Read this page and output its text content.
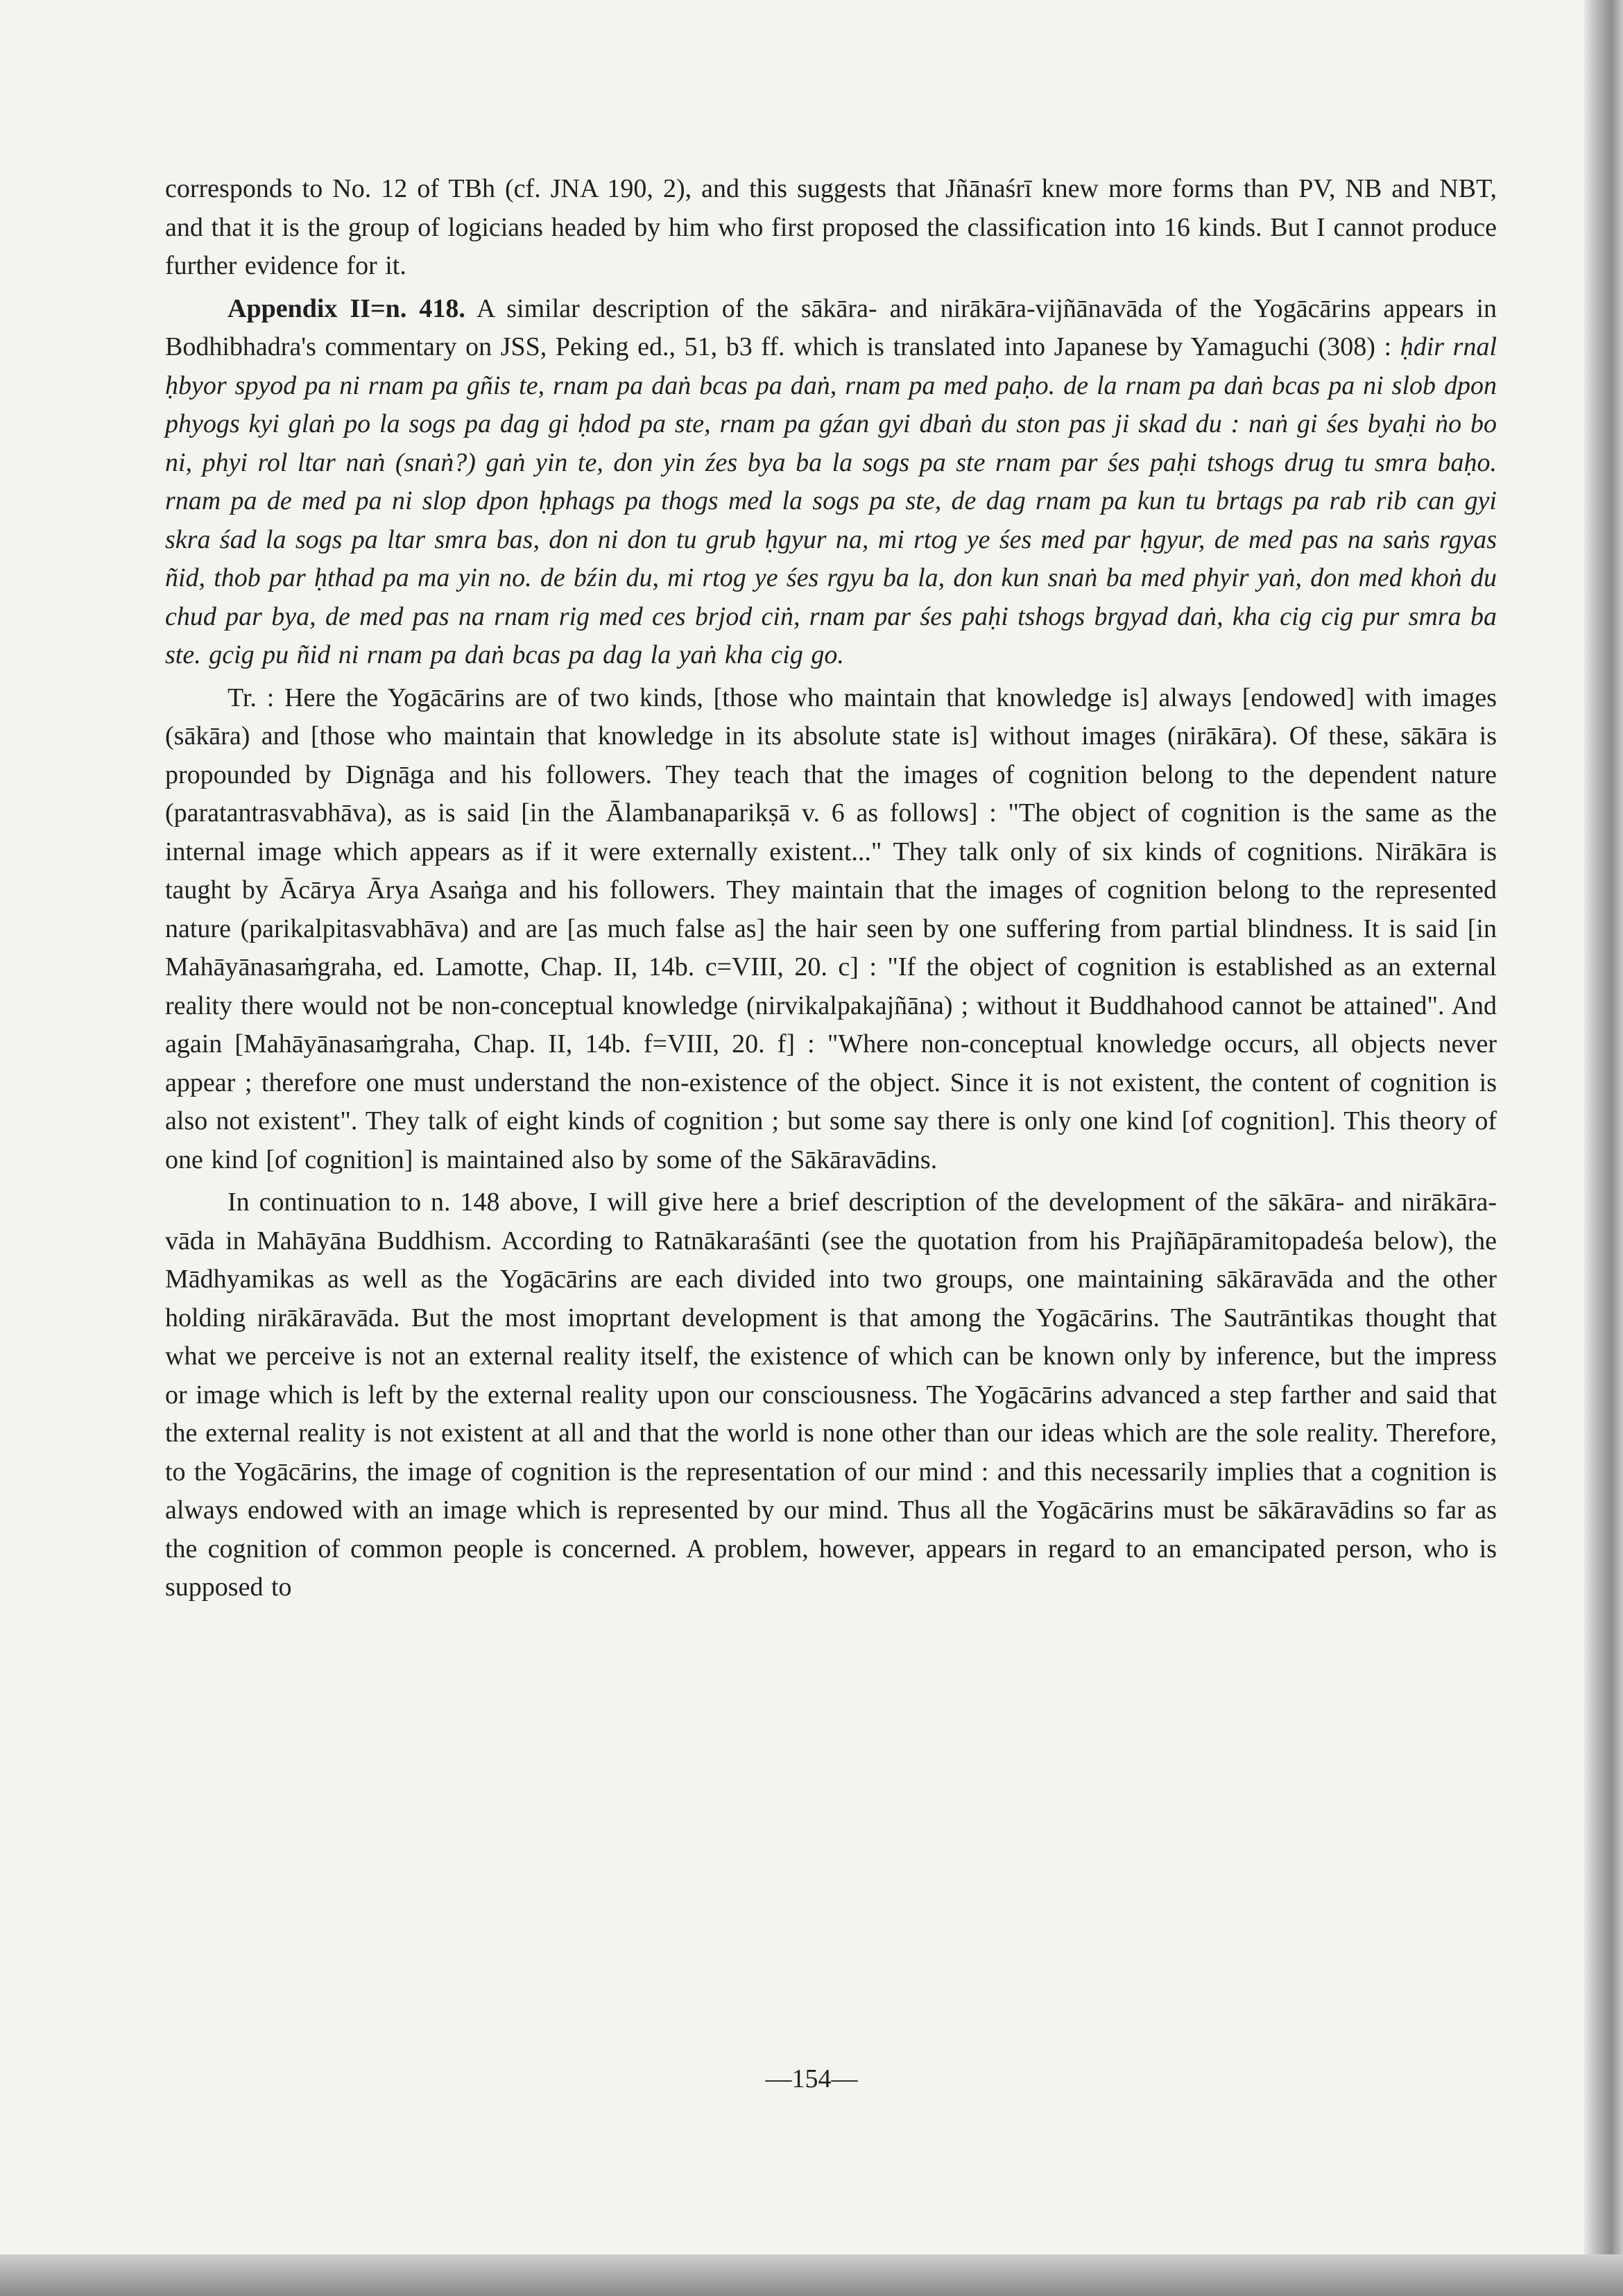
corresponds to No. 12 of TBh (cf. JNA 190, 2), and this suggests that Jñānaśrī knew more forms than PV, NB and NBT, and that it is the group of logicians headed by him who first proposed the classification into 16 kinds. But I cannot produce further evidence for it.

Appendix II=n. 418. A similar description of the sākāra- and nirākāra-vijñānavāda of the Yogācārins appears in Bodhibhadra's commentary on JSS, Peking ed., 51, b3 ff. which is translated into Japanese by Yamaguchi (308) : ḥdir rnal ḥbyor spyod pa ni rnam pa gñis te, rnam pa daṅ bcas pa daṅ, rnam pa med paḥo. de la rnam pa daṅ bcas pa ni slob dpon phyogs kyi glaṅ po la sogs pa dag gi ḥdod pa ste, rnam pa gźan gyi dbaṅ du ston pas ji skad du : naṅ gi śes byaḥi ṅo bo ni, phyi rol ltar naṅ (snaṅ?) gaṅ yin te, don yin źes bya ba la sogs pa ste rnam par śes paḥi tshogs drug tu smra baḥo. rnam pa de med pa ni slop dpon ḥphags pa thogs med la sogs pa ste, de dag rnam pa kun tu brtags pa rab rib can gyi skra śad la sogs pa ltar smra bas, don ni don tu grub ḥgyur na, mi rtog ye śes med par ḥgyur, de med pas na saṅs rgyas ñid, thob par ḥthad pa ma yin no. de bźin du, mi rtog ye śes rgyu ba la, don kun snaṅ ba med phyir yaṅ, don med khoṅ du chud par bya, de med pas na rnam rig med ces brjod ciṅ, rnam par śes paḥi tshogs brgyad daṅ, kha cig cig pur smra ba ste. gcig pu ñid ni rnam pa daṅ bcas pa dag la yaṅ kha cig go.

Tr. : Here the Yogācārins are of two kinds, [those who maintain that knowledge is] always [endowed] with images (sākāra) and [those who maintain that knowledge in its absolute state is] without images (nirākāra). Of these, sākāra is propounded by Dignāga and his followers. They teach that the images of cognition belong to the dependent nature (paratantrasvabhāva), as is said [in the Ālambanaparikṣā v. 6 as follows] : "The object of cognition is the same as the internal image which appears as if it were externally existent..." They talk only of six kinds of cognitions. Nirākāra is taught by Ācārya Ārya Asaṅga and his followers. They maintain that the images of cognition belong to the represented nature (parikalpitasvabhāva) and are [as much false as] the hair seen by one suffering from partial blindness. It is said [in Mahāyānasaṁgraha, ed. Lamotte, Chap. II, 14b. c=VIII, 20. c] : "If the object of cognition is established as an external reality there would not be non-conceptual knowledge (nirvikalpakajñāna) ; without it Buddhahood cannot be attained". And again [Mahāyānasaṁgraha, Chap. II, 14b. f=VIII, 20. f] : "Where non-conceptual knowledge occurs, all objects never appear ; therefore one must understand the non-existence of the object. Since it is not existent, the content of cognition is also not existent". They talk of eight kinds of cognition ; but some say there is only one kind [of cognition]. This theory of one kind [of cognition] is maintained also by some of the Sākāravādins.

In continuation to n. 148 above, I will give here a brief description of the development of the sākāra- and nirākāra-vāda in Mahāyāna Buddhism. According to Ratnākaraśānti (see the quotation from his Prajñāpāramitopadeśa below), the Mādhyamikas as well as the Yogācārins are each divided into two groups, one maintaining sākāravāda and the other holding nirākāravāda. But the most imoprtant development is that among the Yogācārins. The Sautrāntikas thought that what we perceive is not an external reality itself, the existence of which can be known only by inference, but the impress or image which is left by the external reality upon our consciousness. The Yogācārins advanced a step farther and said that the external reality is not existent at all and that the world is none other than our ideas which are the sole reality. Therefore, to the Yogācārins, the image of cognition is the representation of our mind : and this necessarily implies that a cognition is always endowed with an image which is represented by our mind. Thus all the Yogācārins must be sākāravādins so far as the cognition of common people is concerned. A problem, however, appears in regard to an emancipated person, who is supposed to

—154—
